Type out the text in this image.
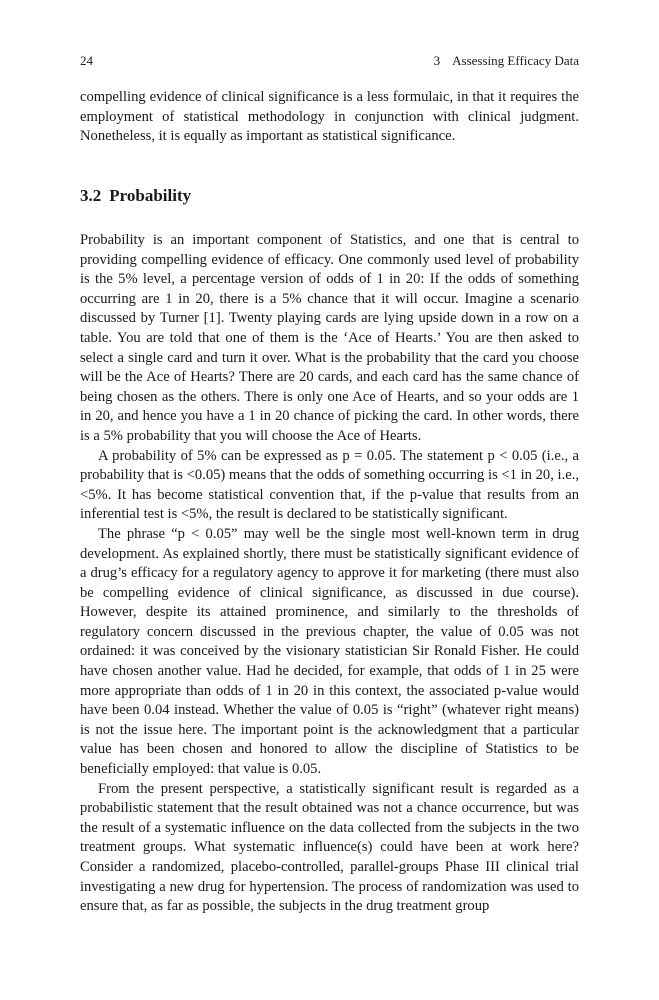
24	3 Assessing Efficacy Data

compelling evidence of clinical significance is a less formulaic, in that it requires the employment of statistical methodology in conjunction with clinical judgment. Nonetheless, it is equally as important as statistical significance.

3.2 Probability

Probability is an important component of Statistics, and one that is central to providing compelling evidence of efficacy. One commonly used level of probability is the 5% level, a percentage version of odds of 1 in 20: If the odds of something occurring are 1 in 20, there is a 5% chance that it will occur. Imagine a scenario discussed by Turner [1]. Twenty playing cards are lying upside down in a row on a table. You are told that one of them is the ‘Ace of Hearts.’ You are then asked to select a single card and turn it over. What is the probability that the card you choose will be the Ace of Hearts? There are 20 cards, and each card has the same chance of being chosen as the others. There is only one Ace of Hearts, and so your odds are 1 in 20, and hence you have a 1 in 20 chance of picking the card. In other words, there is a 5% probability that you will choose the Ace of Hearts.

A probability of 5% can be expressed as p = 0.05. The statement p < 0.05 (i.e., a probability that is <0.05) means that the odds of something occurring is <1 in 20, i.e., <5%. It has become statistical convention that, if the p-value that results from an inferential test is <5%, the result is declared to be statistically significant.

The phrase “p < 0.05” may well be the single most well-known term in drug development. As explained shortly, there must be statistically significant evidence of a drug’s efficacy for a regulatory agency to approve it for marketing (there must also be compelling evidence of clinical significance, as discussed in due course). However, despite its attained prominence, and similarly to the thresholds of regulatory concern discussed in the previous chapter, the value of 0.05 was not ordained: it was conceived by the visionary statistician Sir Ronald Fisher. He could have chosen another value. Had he decided, for example, that odds of 1 in 25 were more appropriate than odds of 1 in 20 in this context, the associated p-value would have been 0.04 instead. Whether the value of 0.05 is “right” (whatever right means) is not the issue here. The important point is the acknowledgment that a particular value has been chosen and honored to allow the discipline of Statistics to be beneficially employed: that value is 0.05.

From the present perspective, a statistically significant result is regarded as a probabilistic statement that the result obtained was not a chance occurrence, but was the result of a systematic influence on the data collected from the subjects in the two treatment groups. What systematic influence(s) could have been at work here? Consider a randomized, placebo-controlled, parallel-groups Phase III clinical trial investigating a new drug for hypertension. The process of randomization was used to ensure that, as far as possible, the subjects in the drug treatment group
